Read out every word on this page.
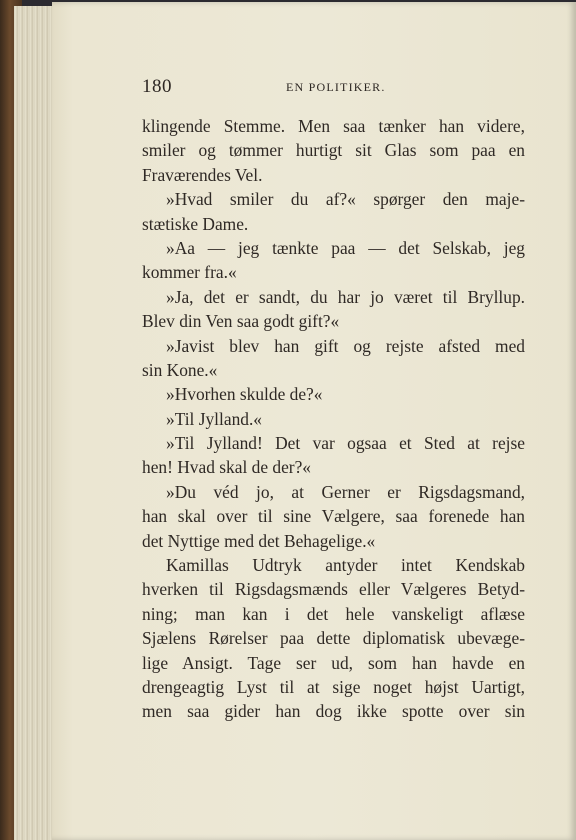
180	EN POLITIKER.
klingende Stemme. Men saa tænker han videre,
smiler og tømmer hurtigt sit Glas som paa en
Fraværendes Vel.
»Hvad smiler du af?« spørger den maje-
stætiske Dame.
»Aa — jeg tænkte paa — det Selskab, jeg
kommer fra.«
»Ja, det er sandt, du har jo været til Bryllup.
Blev din Ven saa godt gift?«
»Javist blev han gift og rejste afsted med
sin Kone.«
»Hvorhen skulde de?«
»Til Jylland.«
»Til Jylland! Det var ogsaa et Sted at rejse
hen! Hvad skal de der?«
»Du véd jo, at Gerner er Rigsdagsmand,
han skal over til sine Vælgere, saa forenede han
det Nyttige med det Behagelige.«
Kamillas Udtryk antyder intet Kendskab
hverken til Rigsdagsmænds eller Vælgeres Betyd-
ning; man kan i det hele vanskeligt aflæse
Sjælens Rørelser paa dette diplomatisk ubevæge-
lige Ansigt. Tage ser ud, som han havde en
drengeagtig Lyst til at sige noget højst Uartigt,
men saa gider han dog ikke spotte over sin
